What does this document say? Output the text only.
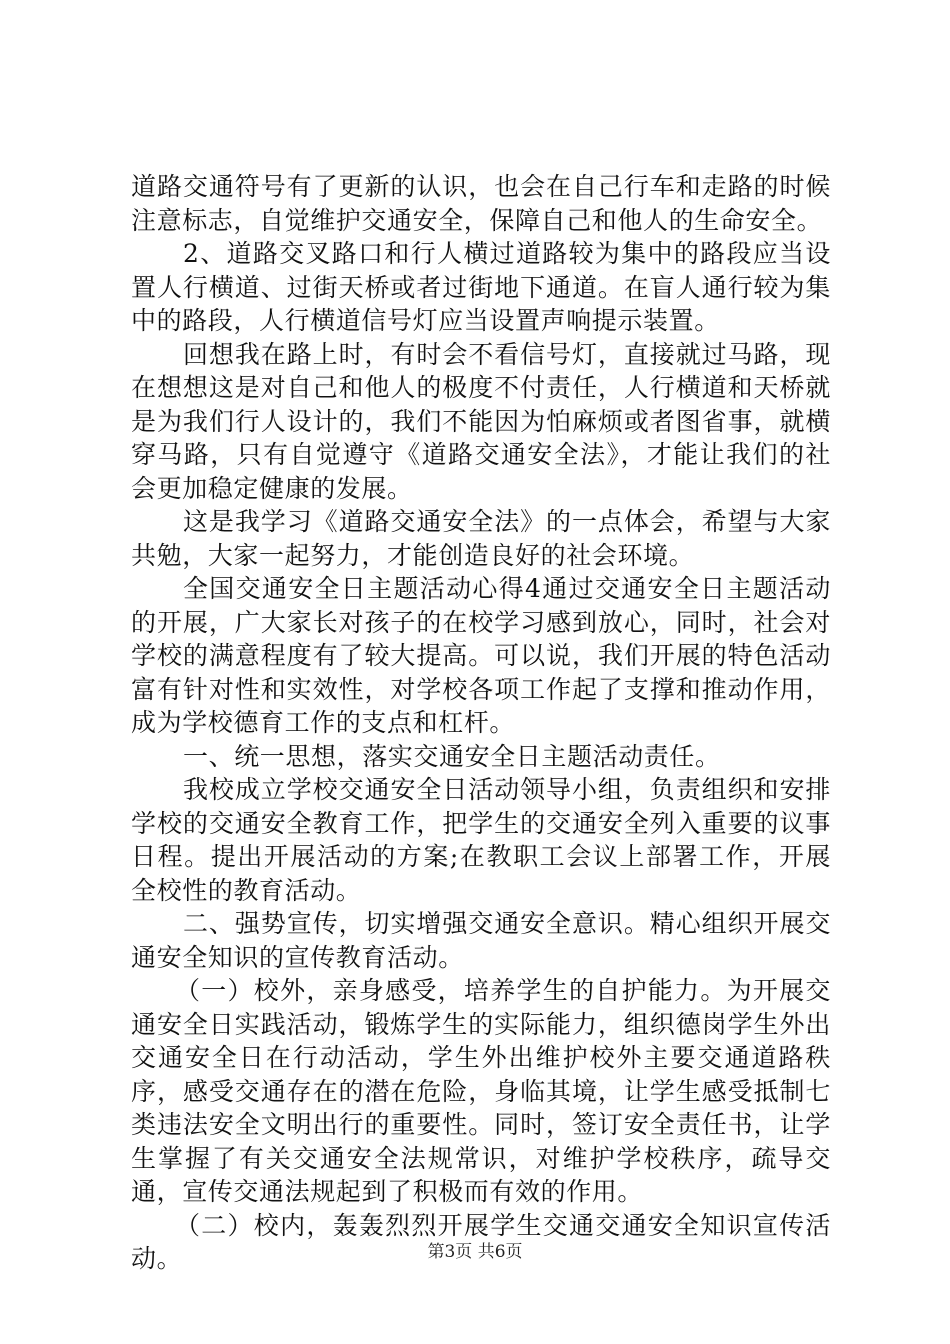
道路交通符号有了更新的认识，也会在自己行车和走路的时候注意标志，自觉维护交通安全，保障自己和他人的生命安全。

2、道路交叉路口和行人横过道路较为集中的路段应当设置人行横道、过街天桥或者过街地下通道。在盲人通行较为集中的路段，人行横道信号灯应当设置声响提示装置。

回想我在路上时，有时会不看信号灯，直接就过马路，现在想想这是对自己和他人的极度不付责任，人行横道和天桥就是为我们行人设计的，我们不能因为怕麻烦或者图省事，就横穿马路，只有自觉遵守《道路交通安全法》，才能让我们的社会更加稳定健康的发展。

这是我学习《道路交通安全法》的一点体会，希望与大家共勉，大家一起努力，才能创造良好的社会环境。

全国交通安全日主题活动心得4通过交通安全日主题活动的开展，广大家长对孩子的在校学习感到放心，同时，社会对学校的满意程度有了较大提高。可以说，我们开展的特色活动富有针对性和实效性，对学校各项工作起了支撑和推动作用，成为学校德育工作的支点和杠杆。

一、统一思想，落实交通安全日主题活动责任。

我校成立学校交通安全日活动领导小组，负责组织和安排学校的交通安全教育工作，把学生的交通安全列入重要的议事日程。提出开展活动的方案;在教职工会议上部署工作，开展全校性的教育活动。

二、强势宣传，切实增强交通安全意识。精心组织开展交通安全知识的宣传教育活动。

（一）校外，亲身感受，培养学生的自护能力。为开展交通安全日实践活动，锻炼学生的实际能力，组织德岗学生外出交通安全日在行动活动，学生外出维护校外主要交通道路秩序，感受交通存在的潜在危险，身临其境，让学生感受抵制七类违法安全文明出行的重要性。同时，签订安全责任书，让学生掌握了有关交通安全法规常识，对维护学校秩序，疏导交通，宣传交通法规起到了积极而有效的作用。

（二）校内，轰轰烈烈开展学生交通交通安全知识宣传活动。	第3页 共6页
